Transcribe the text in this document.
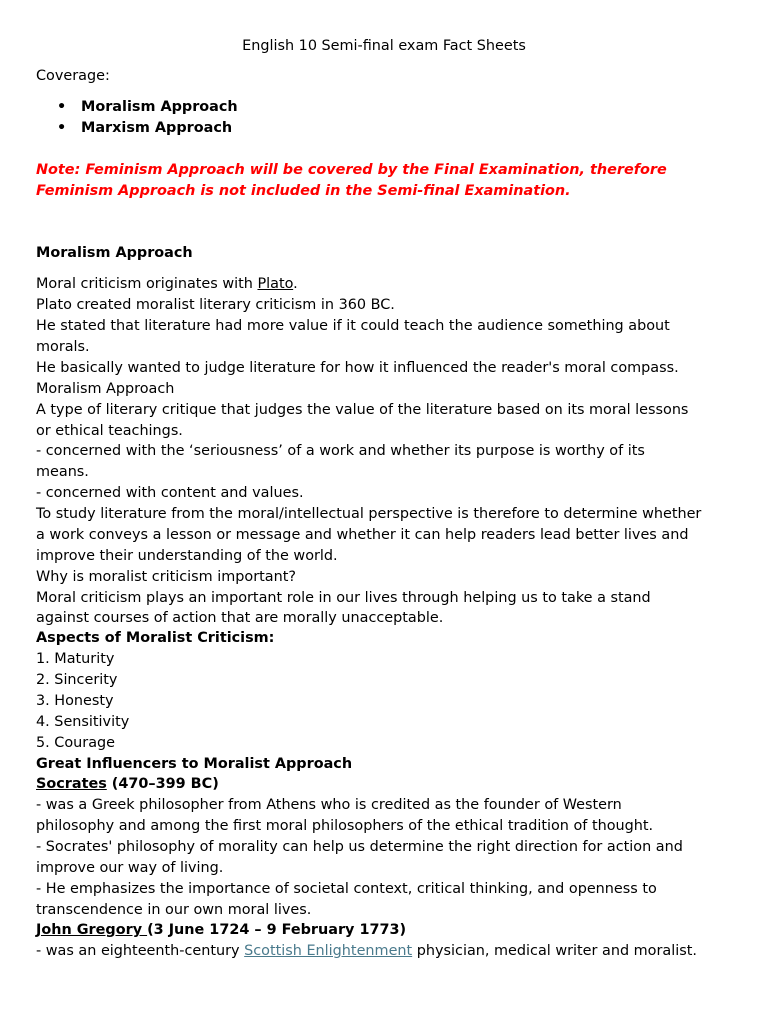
English 10 Semi-final exam Fact Sheets
Coverage:
• Moralism Approach
• Marxism Approach
Note: Feminism Approach will be covered by the Final Examination, therefore
Feminism Approach is not included in the Semi-final Examination.
Moralism Approach
Moral criticism originates with Plato.
Plato created moralist literary criticism in 360 BC.
He stated that literature had more value if it could teach the audience something about
morals.
He basically wanted to judge literature for how it influenced the reader's moral compass.
Moralism Approach
A type of literary critique that judges the value of the literature based on its moral lessons
or ethical teachings.
- concerned with the ‘seriousness’ of a work and whether its purpose is worthy of its
means.
- concerned with content and values.
To study literature from the moral/intellectual perspective is therefore to determine whether
a work conveys a lesson or message and whether it can help readers lead better lives and
improve their understanding of the world.
Why is moralist criticism important?
Moral criticism plays an important role in our lives through helping us to take a stand
against courses of action that are morally unacceptable.
Aspects of Moralist Criticism:
1. Maturity
2. Sincerity
3. Honesty
4. Sensitivity
5. Courage
Great Influencers to Moralist Approach
Socrates (470–399 BC)
- was a Greek philosopher from Athens who is credited as the founder of Western
philosophy and among the first moral philosophers of the ethical tradition of thought.
- Socrates' philosophy of morality can help us determine the right direction for action and
improve our way of living.
- He emphasizes the importance of societal context, critical thinking, and openness to
transcendence in our own moral lives.
John Gregory (3 June 1724 – 9 February 1773)
- was an eighteenth-century Scottish Enlightenment physician, medical writer and moralist.
